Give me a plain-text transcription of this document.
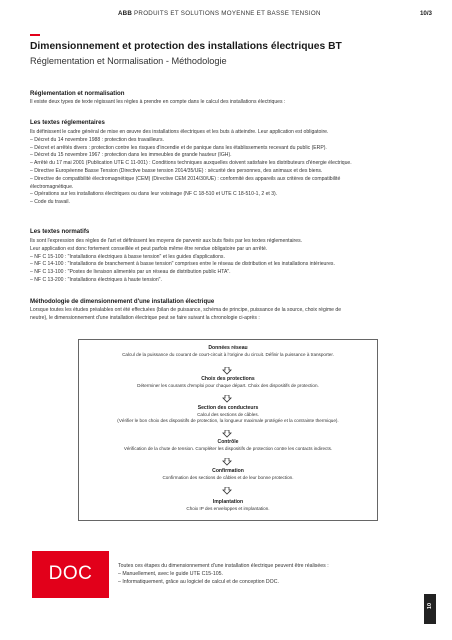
ABB PRODUITS ET SOLUTIONS MOYENNE ET BASSE TENSION	10/3
Dimensionnement et protection des installations électriques BT
Réglementation et Normalisation - Méthodologie
Réglementation et normalisation
Il existe deux types de texte régissant les règles à prendre en compte dans le calcul des installations électriques :
Les textes réglementaires
Ils définissent le cadre général de mise en œuvre des installations électriques et les buts à atteindre. Leur application est obligatoire.
– Décret du 14 novembre 1988 : protection des travailleurs.
– Décret et arrêtés divers : protection contre les risques d'incendie et de panique dans les établissements recevant du public (ERP).
– Décret du 15 novembre 1967 : protection dans les immeubles de grande hauteur (IGH).
– Arrêté du 17 mai 2001 (Publication UTE C 11-001) : Conditions techniques auxquelles doivent satisfaire les distributeurs d'énergie électrique.
– Directive Européenne Basse Tension (Directive basse tension 2014/35/UE) : sécurité des personnes, des animaux et des biens.
– Directive de compatibilité électromagnétique (CEM) (Directive CEM 2014/30/UE) : conformité des appareils aux critères de compatibilité
électromagnétique.
– Opérations sur les installations électriques ou dans leur voisinage (NF C 18-510 et UTE C 18-510-1, 2 et 3).
– Code du travail.
Les textes normatifs
Ils sont l'expression des règles de l'art et définissent les moyens de parvenir aux buts fixés par les textes réglementaires.
Leur application est donc fortement conseillée et peut parfois même être rendue obligatoire par un arrêté.
– NF C 15-100 : "Installations électriques à basse tension" et les guides d'applications.
– NF C 14-100 : "Installations de branchement à basse tension" comprises entre le réseau de distribution et les installations intérieures.
– NF C 13-100 : "Postes de livraison alimentés par un réseau de distribution public HTA".
– NF C 13-200 : "Installations électriques à haute tension".
Méthodologie de dimensionnement d'une installation électrique
Lorsque toutes les études préalables ont été effectuées (bilan de puissance, schéma de principe, puissance de la source, choix régime de
neutre), le dimensionnement d'une installation électrique peut se faire suivant la chronologie ci-après :
Données réseau
Calcul de la puissance du courant de court-circuit à l'origine du circuit. Définir la puissance à transporter.
Choix des protections
Déterminer les courants d'emploi pour chaque départ. Choix des dispositifs de protection.
Section des conducteurs
Calcul des sections de câbles.
(Vérifier le bon choix des dispositifs de protection, la longueur maximale protégée et la contrainte thermique).
Contrôle
Vérification de la chute de tension. Compléter les dispositifs de protection contre les contacts indirects.
Confirmation
Confirmation des sections de câbles et de leur bonne protection.
Implantation
Choix IP des enveloppes et implantation.
DOC	Toutes ces étapes du dimensionnement d'une installation électrique peuvent être réalisées :
– Manuellement, avec le guide UTE C15-105.
– Informatiquement, grâce au logiciel de calcul et de conception DOC.
10
